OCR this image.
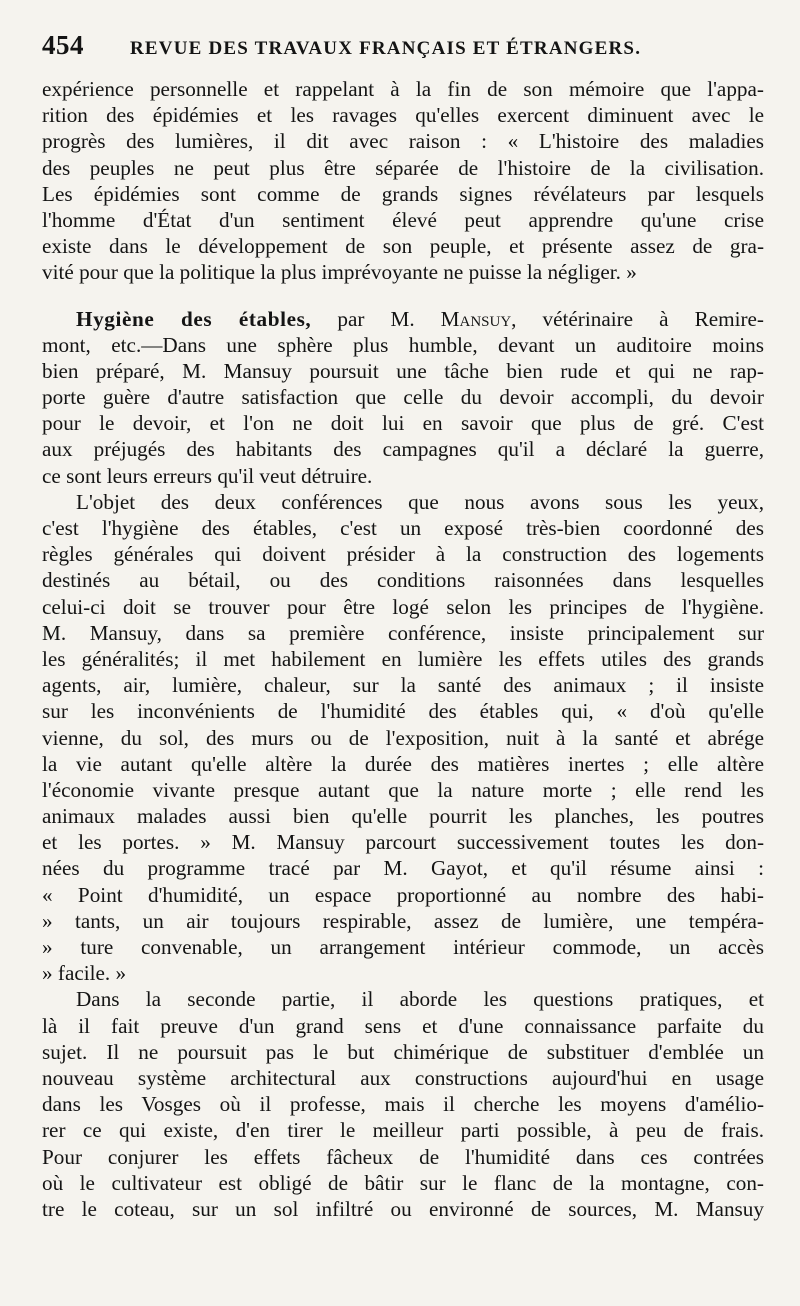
454	REVUE DES TRAVAUX FRANÇAIS ET ÉTRANGERS.
expérience personnelle et rappelant à la fin de son mémoire que l'appa-
rition des épidémies et les ravages qu'elles exercent diminuent avec le
progrès des lumières, il dit avec raison : « L'histoire des maladies
des peuples ne peut plus être séparée de l'histoire de la civilisation.
Les épidémies sont comme de grands signes révélateurs par lesquels
l'homme d'État d'un sentiment élevé peut apprendre qu'une crise
existe dans le développement de son peuple, et présente assez de gra-
vité pour que la politique la plus imprévoyante ne puisse la négliger. »
Hygiène des étables, par M. Mansuy, vétérinaire à Remire-
mont, etc.—Dans une sphère plus humble, devant un auditoire moins
bien préparé, M. Mansuy poursuit une tâche bien rude et qui ne rap-
porte guère d'autre satisfaction que celle du devoir accompli, du devoir
pour le devoir, et l'on ne doit lui en savoir que plus de gré. C'est
aux préjugés des habitants des campagnes qu'il a déclaré la guerre,
ce sont leurs erreurs qu'il veut détruire.
L'objet des deux conférences que nous avons sous les yeux,
c'est l'hygiène des étables, c'est un exposé très-bien coordonné des
règles générales qui doivent présider à la construction des logements
destinés au bétail, ou des conditions raisonnées dans lesquelles
celui-ci doit se trouver pour être logé selon les principes de l'hygiène.
M. Mansuy, dans sa première conférence, insiste principalement sur
les généralités; il met habilement en lumière les effets utiles des grands
agents, air, lumière, chaleur, sur la santé des animaux ; il insiste
sur les inconvénients de l'humidité des étables qui, « d'où qu'elle
vienne, du sol, des murs ou de l'exposition, nuit à la santé et abrége
la vie autant qu'elle altère la durée des matières inertes ; elle altère
l'économie vivante presque autant que la nature morte ; elle rend les
animaux malades aussi bien qu'elle pourrit les planches, les poutres
et les portes. » M. Mansuy parcourt successivement toutes les don-
nées du programme tracé par M. Gayot, et qu'il résume ainsi :
« Point d'humidité, un espace proportionné au nombre des habi-
» tants, un air toujours respirable, assez de lumière, une tempéra-
» ture convenable, un arrangement intérieur commode, un accès
» facile. »
Dans la seconde partie, il aborde les questions pratiques, et
là il fait preuve d'un grand sens et d'une connaissance parfaite du
sujet. Il ne poursuit pas le but chimérique de substituer d'emblée un
nouveau système architectural aux constructions aujourd'hui en usage
dans les Vosges où il professe, mais il cherche les moyens d'amélio-
rer ce qui existe, d'en tirer le meilleur parti possible, à peu de frais.
Pour conjurer les effets fâcheux de l'humidité dans ces contrées
où le cultivateur est obligé de bâtir sur le flanc de la montagne, con-
tre le coteau, sur un sol infiltré ou environné de sources, M. Mansuy
